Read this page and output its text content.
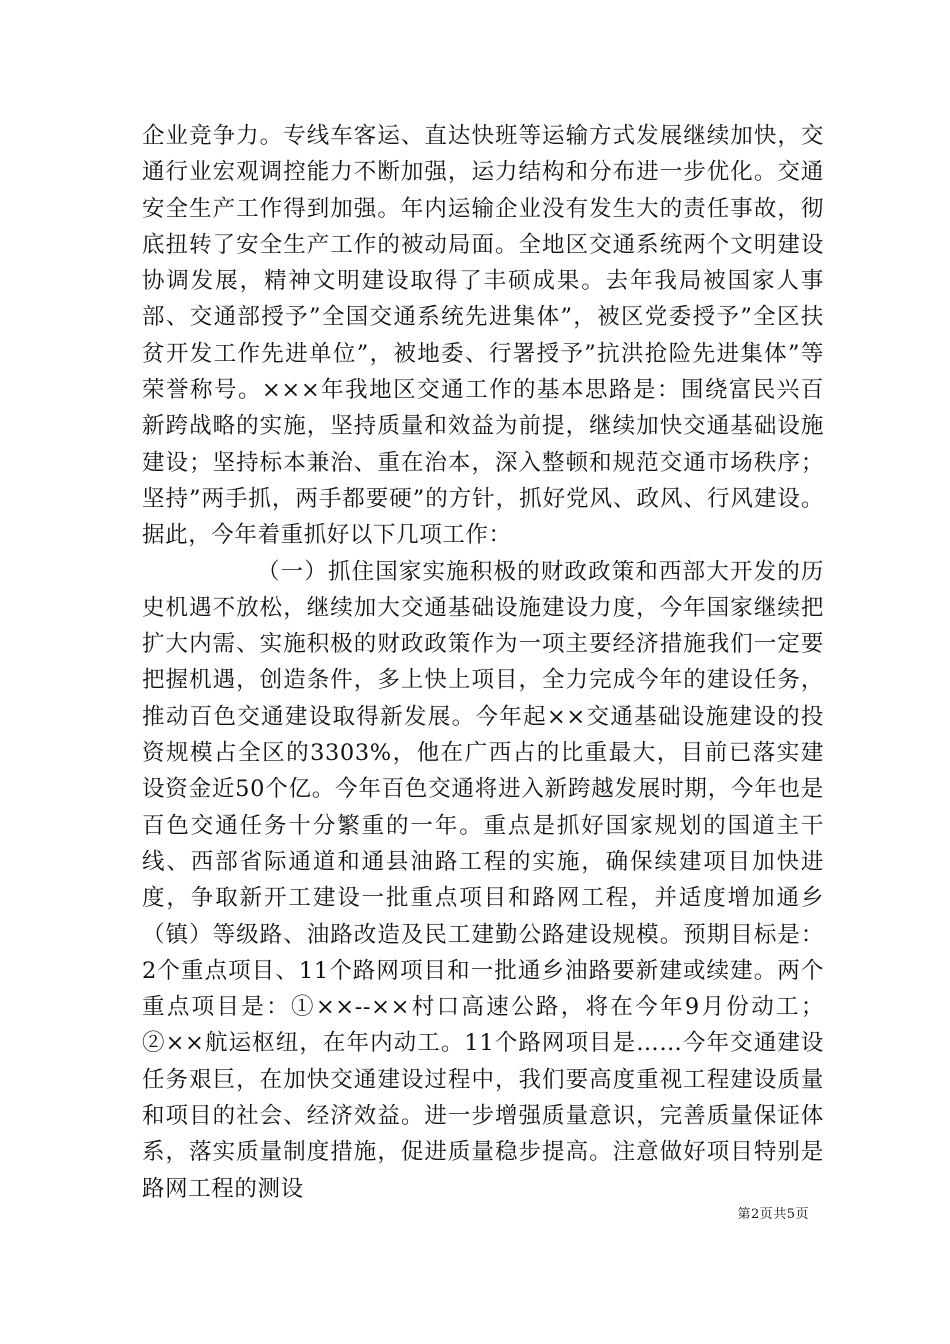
企业竞争力。专线车客运、直达快班等运输方式发展继续加快，交通行业宏观调控能力不断加强，运力结构和分布进一步优化。交通安全生产工作得到加强。年内运输企业没有发生大的责任事故，彻底扭转了安全生产工作的被动局面。全地区交通系统两个文明建设协调发展，精神文明建设取得了丰硕成果。去年我局被国家人事部、交通部授予”全国交通系统先进集体”，被区党委授予”全区扶贫开发工作先进单位”，被地委、行署授予”抗洪抢险先进集体”等荣誉称号。×××年我地区交通工作的基本思路是：围绕富民兴百新跨战略的实施，坚持质量和效益为前提，继续加快交通基础设施建设；坚持标本兼治、重在治本，深入整顿和规范交通市场秩序；坚持”两手抓，两手都要硬”的方针，抓好党风、政风、行风建设。据此，今年着重抓好以下几项工作：

（一）抓住国家实施积极的财政政策和西部大开发的历史机遇不放松，继续加大交通基础设施建设力度，今年国家继续把扩大内需、实施积极的财政政策作为一项主要经济措施我们一定要把握机遇，创造条件，多上快上项目，全力完成今年的建设任务，推动百色交通建设取得新发展。今年起××交通基础设施建设的投资规模占全区的3303%，他在广西占的比重最大，目前已落实建设资金近50个亿。今年百色交通将进入新跨越发展时期，今年也是百色交通任务十分繁重的一年。重点是抓好国家规划的国道主干线、西部省际通道和通县油路工程的实施，确保续建项目加快进度，争取新开工建设一批重点项目和路网工程，并适度增加通乡（镇）等级路、油路改造及民工建勤公路建设规模。预期目标是：2个重点项目、11个路网项目和一批通乡油路要新建或续建。两个重点项目是：①××--××村口高速公路，将在今年9月份动工；②××航运枢纽，在年内动工。11个路网项目是……今年交通建设任务艰巨，在加快交通建设过程中，我们要高度重视工程建设质量和项目的社会、经济效益。进一步增强质量意识，完善质量保证体系，落实质量制度措施，促进质量稳步提高。注意做好项目特别是路网工程的测设

第2页共5页
